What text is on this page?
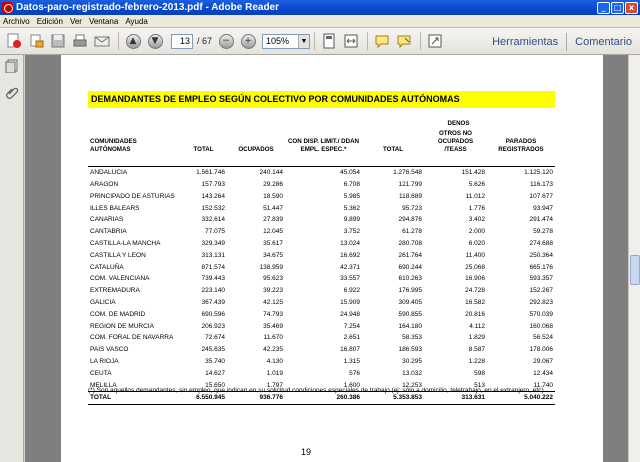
Datos-paro-registrado-febrero-2013.pdf - Adobe Reader	_	□ x
Archivo Edición Ver Ventana Ayuda
▲	▼	13 / 67	−	+	105%	▼	Herramientas	Comentario
DEMANDANTES DE EMPLEO SEGÚN COLECTIVO POR COMUNIDADES AUTÓNOMAS
COMUNIDADES AUTÓNOMAS	TOTAL	OCUPADOS	CON DISP. LIMIT./ DDAN EMPL. ESPEC.*	DENOS		
				TOTAL	OTROS NO OCUPADOS /TEASS	PARADOS REGISTRADOS

ANDALUCIA	1.561.746	240.144	45.054	1.276.548	151.428	1.125.120
ARAGON	157.793	29.286	6.708	121.799	5.626	116.173
PRINCIPADO DE ASTURIAS	143.264	18.590	5.985	118.689	11.012	107.677
ILLES BALEARS	152.532	51.447	5.362	95.723	1.776	93.947
CANARIAS	332.614	27.839	9.899	294.876	3.402	291.474
CANTABRIA	77.075	12.045	3.752	61.278	2.000	59.278
CASTILLA-LA MANCHA	329.349	35.617	13.024	280.708	6.020	274.688
CASTILLA Y LEON	313.131	34.675	16.692	261.764	11.400	250.364
CATALUÑA	871.574	138.959	42.371	690.244	25.068	665.176
COM. VALENCIANA	739.443	95.623	33.557	610.263	16.906	593.357
EXTREMADURA	223.140	39.223	6.922	176.995	24.728	152.267
GALICIA	367.439	42.125	15.909	309.405	16.582	292.823
COM. DE MADRID	690.596	74.793	24.948	590.855	20.816	570.039
REGION DE MURCIA	206.923	35.469	7.254	164.180	4.112	160.068
COM. FORAL DE NAVARRA	72.674	11.670	2.651	58.353	1.829	56.524
PAIS VASCO	245.635	42.235	16.807	186.593	8.587	178.006
LA RIOJA	35.740	4.130	1.315	30.295	1.228	29.067
CEUTA	14.627	1.019	576	13.032	598	12.434
MELILLA	15.650	1.797	1.600	12.253	513	11.740
TOTAL	6.550.945	936.776	260.386	5.353.853	313.631	5.040.222
(*) Son aquellos demandantes, sin empleo, que indican en su solicitud condiciones especiales de trabajo (ej: sólo a domicilio, teletrabajo, en el extranjero, etc)
19
